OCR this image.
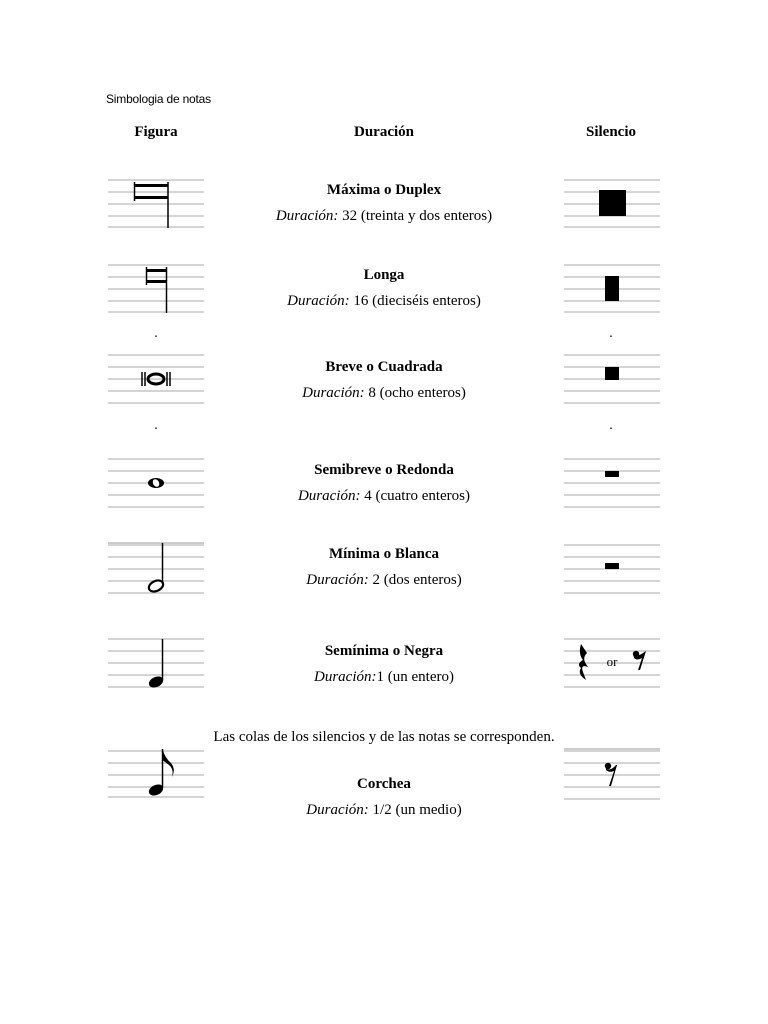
Simbologia de notas
Figura	Duración	Silencio
Máxima o Duplex
Duración: 32 (treinta y dos enteros)
Longa
Duración: 16 (dieciséis enteros)
.	.
Breve o Cuadrada
Duración: 8 (ocho enteros)
.	.
Semibreve o Redonda
Duración: 4 (cuatro enteros)
Mínima o Blanca
Duración: 2 (dos enteros)
Semínima o Negra
Duración:1 (un entero)
or
Las colas de los silencios y de las notas se corresponden.
Corchea
Duración: 1/2 (un medio)
